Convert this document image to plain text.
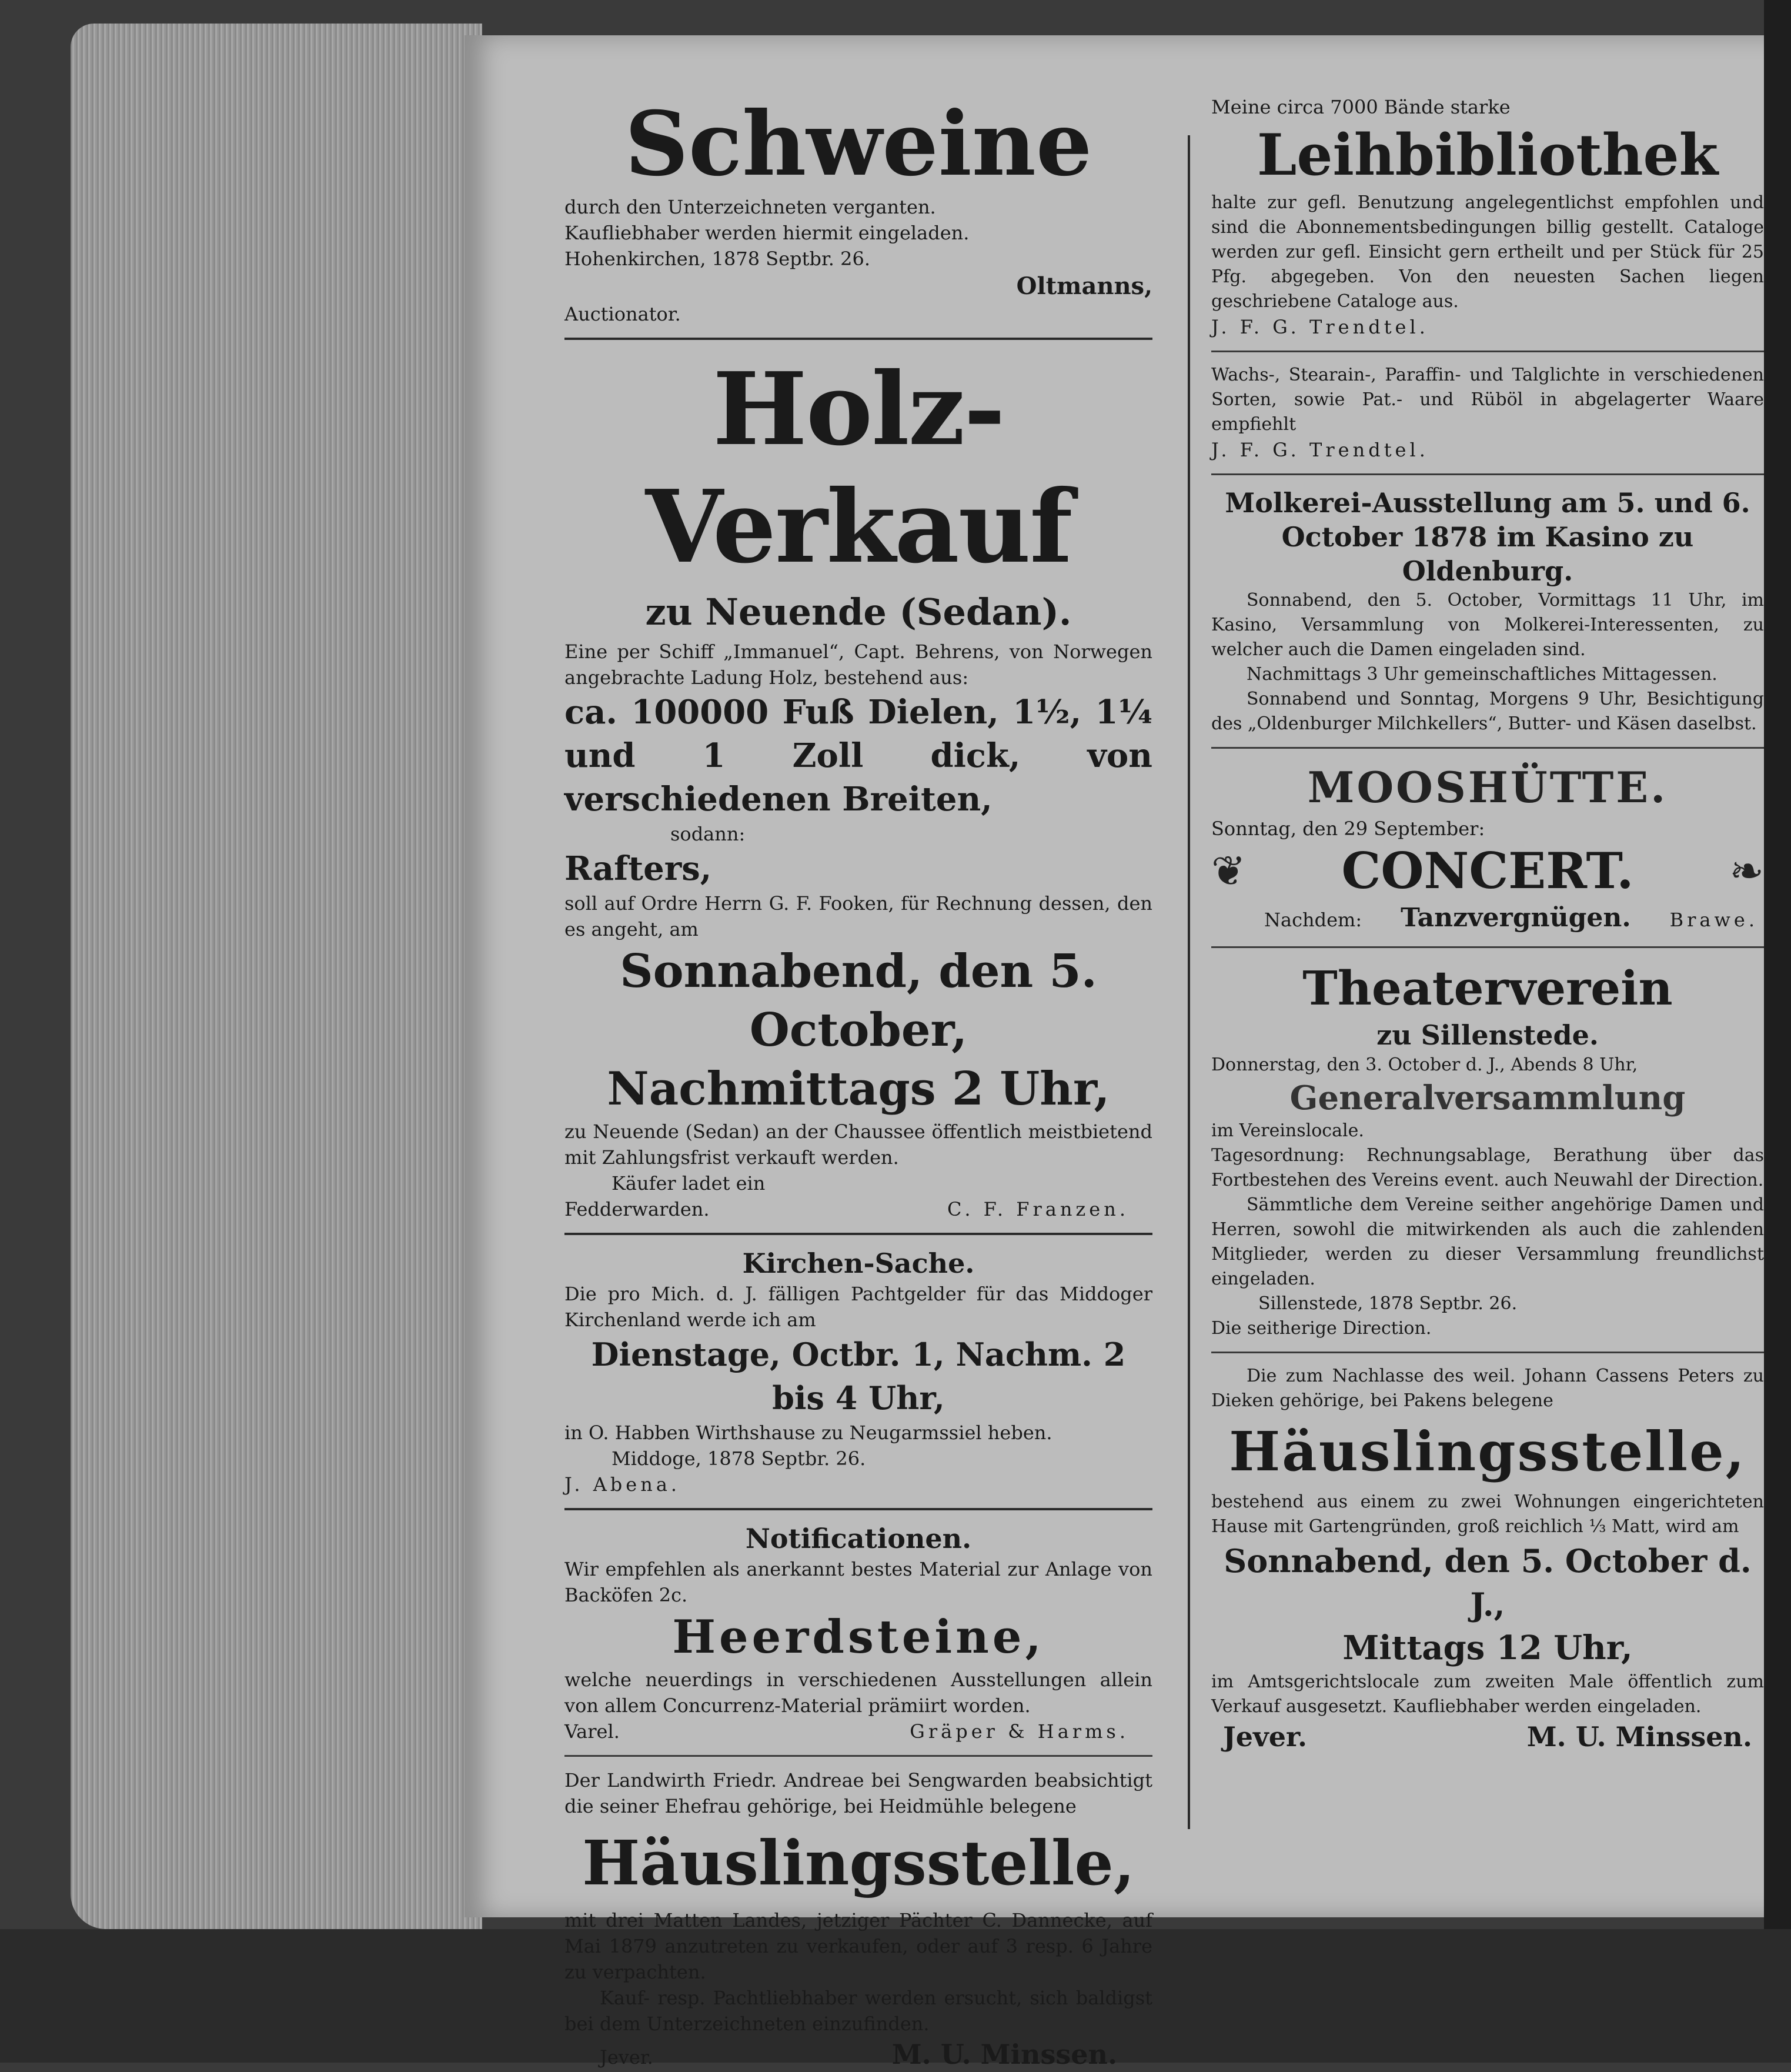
Schweine
durch den Unterzeichneten verganten.
Kaufliebhaber werden hiermit eingeladen.
Hohenkirchen, 1878 Septbr. 26.
Oltmanns,
Auctionator.
Holz-Verkauf
zu Neuende (Sedan).
Eine per Schiff „Immanuel“, Capt. Behrens, von Norwegen angebrachte Ladung Holz, bestehend aus:
ca. 100000 Fuß Dielen, 1½, 1¼ und 1 Zoll dick, von verschiedenen Breiten,
sodann:
Rafters,
soll auf Ordre Herrn G. F. Fooken, für Rechnung dessen, den es angeht, am
Sonnabend, den 5. October,
Nachmittags 2 Uhr,
zu Neuende (Sedan) an der Chaussee öffentlich meistbietend mit Zahlungsfrist verkauft werden.
Käufer ladet ein
Fedderwarden.	C. F. Franzen.
Kirchen-Sache.
Die pro Mich. d. J. fälligen Pachtgelder für das Middoger Kirchenland werde ich am
Dienstage, Octbr. 1, Nachm. 2 bis 4 Uhr,
in O. Habben Wirthshause zu Neugarmssiel heben.
Middoge, 1878 Septbr. 26.
J. Abena.
Notificationen.
Wir empfehlen als anerkannt bestes Material zur Anlage von Backöfen 2c.
Heerdsteine,
welche neuerdings in verschiedenen Ausstellungen allein von allem Concurrenz-Material prämiirt worden.
Varel.	Gräper & Harms.
Der Landwirth Friedr. Andreae bei Sengwarden beabsichtigt die seiner Ehefrau gehörige, bei Heidmühle belegene
Häuslingsstelle,
mit drei Matten Landes, jetziger Pächter C. Dannecke, auf Mai 1879 anzutreten zu verkaufen, oder auf 3 resp. 6 Jahre zu verpachten.
Kauf- resp. Pachtliebhaber werden ersucht, sich baldigst bei dem Unterzeichneten einzufinden.
Jever.	M. U. Minssen.
Meine circa 7000 Bände starke
Leihbibliothek
halte zur gefl. Benutzung angelegentlichst empfohlen und sind die Abonnementsbedingungen billig gestellt. Cataloge werden zur gefl. Einsicht gern ertheilt und per Stück für 25 Pfg. abgegeben. Von den neuesten Sachen liegen geschriebene Cataloge aus.
J. F. G. Trendtel.
Wachs-, Stearain-, Paraffin- und Talglichte in verschiedenen Sorten, sowie Pat.- und Rüböl in abgelagerter Waare empfiehlt
J. F. G. Trendtel.
Molkerei-Ausstellung am 5. und 6. October 1878 im Kasino zu Oldenburg.
Sonnabend, den 5. October, Vormittags 11 Uhr, im Kasino, Versammlung von Molkerei-Interessenten, zu welcher auch die Damen eingeladen sind.
Nachmittags 3 Uhr gemeinschaftliches Mittagessen.
Sonnabend und Sonntag, Morgens 9 Uhr, Besichtigung des „Oldenburger Milchkellers“, Butter- und Käsen daselbst.
MOOSHÜTTE.
Sonntag, den 29 September:
❦ CONCERT. ❧
Nachdem: Tanzvergnügen. Brawe.
Theaterverein
zu Sillenstede.
Donnerstag, den 3. October d. J., Abends 8 Uhr,
Generalversammlung
im Vereinslocale.
Tagesordnung: Rechnungsablage, Berathung über das Fortbestehen des Vereins event. auch Neuwahl der Direction.
Sämmtliche dem Vereine seither angehörige Damen und Herren, sowohl die mitwirkenden als auch die zahlenden Mitglieder, werden zu dieser Versammlung freundlichst eingeladen.
Sillenstede, 1878 Septbr. 26.
Die seitherige Direction.
Die zum Nachlasse des weil. Johann Cassens Peters zu Dieken gehörige, bei Pakens belegene
Häuslingsstelle,
bestehend aus einem zu zwei Wohnungen eingerichteten Hause mit Gartengründen, groß reichlich ⅓ Matt, wird am
Sonnabend, den 5. October d. J.,
Mittags 12 Uhr,
im Amtsgerichtslocale zum zweiten Male öffentlich zum Verkauf ausgesetzt. Kaufliebhaber werden eingeladen.
Jever.	M. U. Minssen.
